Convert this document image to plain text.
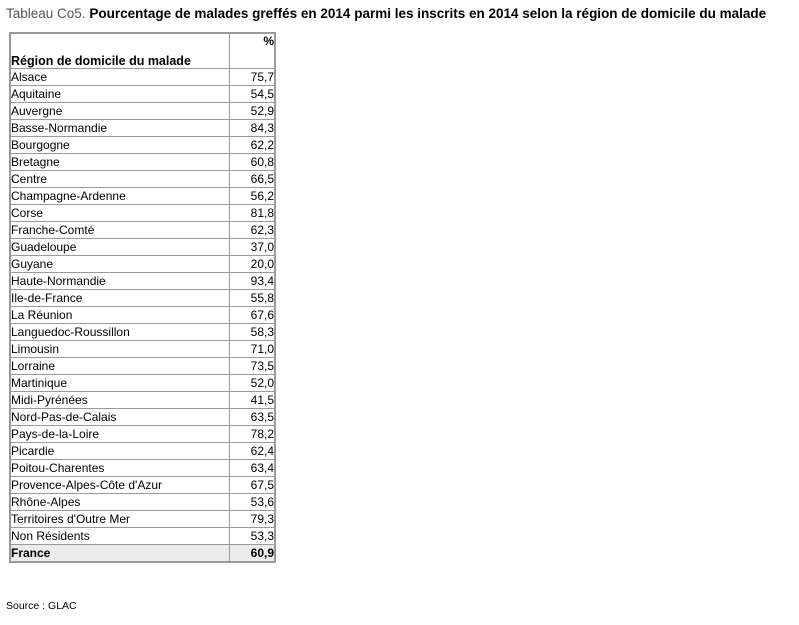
Tableau Co5. Pourcentage de malades greffés en 2014 parmi les inscrits en 2014 selon la région de domicile du malade
Région de domicile du malade	%
Alsace	75,7
Aquitaine	54,5
Auvergne	52,9
Basse-Normandie	84,3
Bourgogne	62,2
Bretagne	60,8
Centre	66,5
Champagne-Ardenne	56,2
Corse	81,8
Franche-Comté	62,3
Guadeloupe	37,0
Guyane	20,0
Haute-Normandie	93,4
Ile-de-France	55,8
La Réunion	67,6
Languedoc-Roussillon	58,3
Limousin	71,0
Lorraine	73,5
Martinique	52,0
Midi-Pyrénées	41,5
Nord-Pas-de-Calais	63,5
Pays-de-la-Loire	78,2
Picardie	62,4
Poitou-Charentes	63,4
Provence-Alpes-Côte d'Azur	67,5
Rhône-Alpes	53,6
Territoires d'Outre Mer	79,3
Non Résidents	53,3
France	60,9
Source : GLAC
